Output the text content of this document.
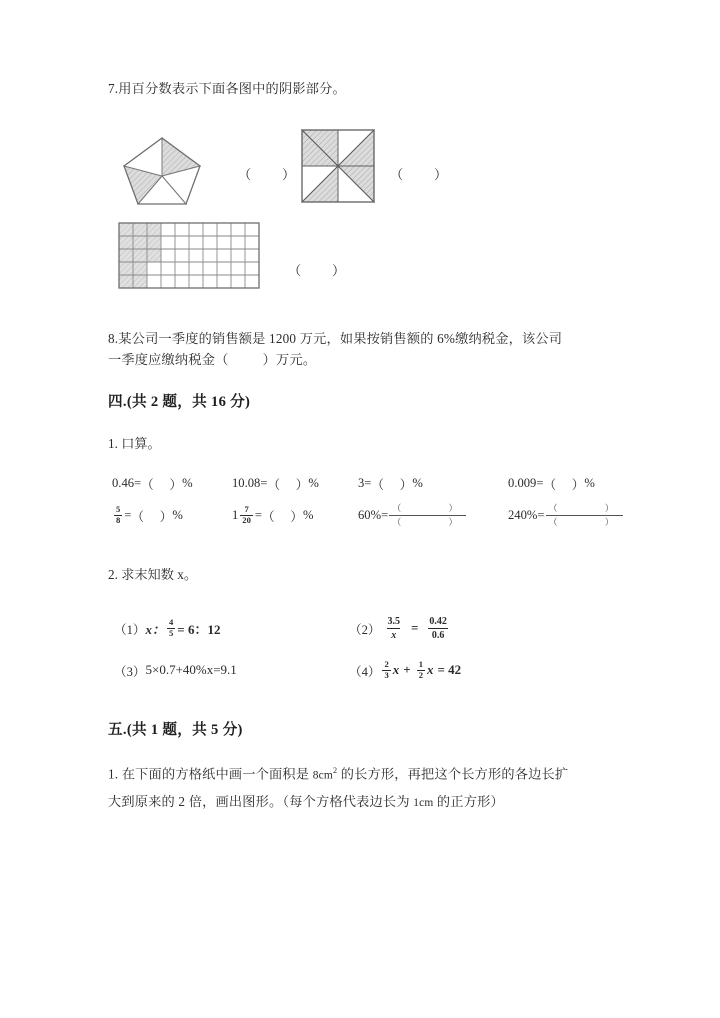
7.用百分数表示下面各图中的阴影部分。
（        ）	（        ）
（        ）
8.某公司一季度的销售额是 1200 万元，如果按销售额的 6%缴纳税金，该公司
一季度应缴纳税金（	）万元。
四.(共 2 题，共 16 分)
1. 口算。
0.46= （     ） %	10.08= （     ） %	3= （     ） %	0.009= （     ） %
$\frac{5}{8}$ = （     ） %	$1 \frac{7}{20}$ = （     ） %	$60\% = \frac{( )}{( )}$	$240\% = \frac{( )}{( )}$
2. 求末知数 x。
（1） x： $\frac{4}{5} = 6$：12	$(2) \frac{3.5}{x} = \frac{0.42}{0.6}$
（3） 5×0.7+40%x=9.1	$(4) \frac{2}{3}$ $x + \frac{1}{2}$ x = 42
五.(共 1 题，共 5 分)
1. 在下面的方格纸中画一个面积是 $8cm^2$ 的长方形，再把这个长方形的各边长扩
大到原来的 2 倍，画出图形。（每个方格代表边长为 1cm 的正方形）
